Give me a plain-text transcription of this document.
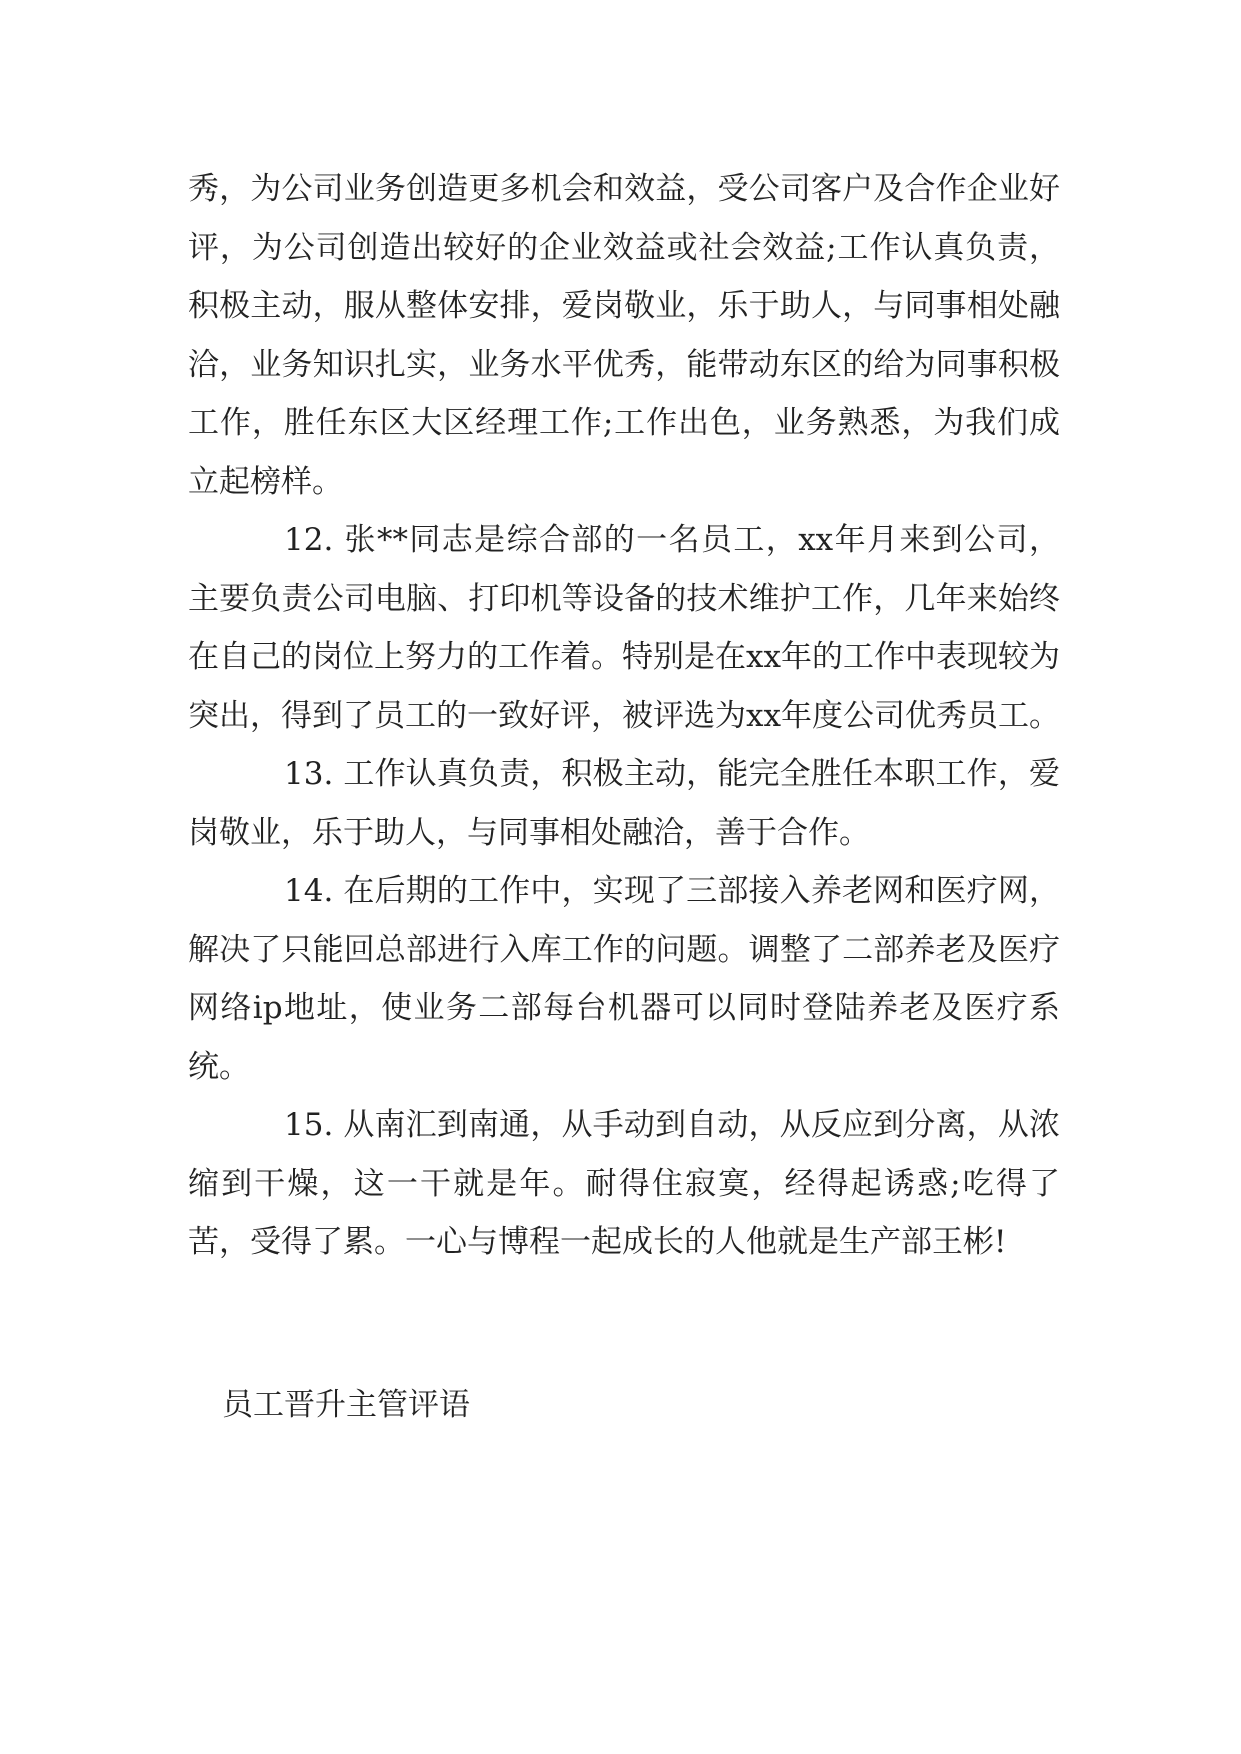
秀，为公司业务创造更多机会和效益，受公司客户及合作企业好评，为公司创造出较好的企业效益或社会效益;工作认真负责，积极主动，服从整体安排，爱岗敬业，乐于助人，与同事相处融洽，业务知识扎实，业务水平优秀，能带动东区的给为同事积极工作，胜任东区大区经理工作;工作出色，业务熟悉，为我们成立起榜样。

12. 张**同志是综合部的一名员工，xx年月来到公司，主要负责公司电脑、打印机等设备的技术维护工作，几年来始终在自己的岗位上努力的工作着。特别是在xx年的工作中表现较为突出，得到了员工的一致好评，被评选为xx年度公司优秀员工。

13. 工作认真负责，积极主动，能完全胜任本职工作，爱岗敬业，乐于助人，与同事相处融洽，善于合作。

14. 在后期的工作中，实现了三部接入养老网和医疗网，解决了只能回总部进行入库工作的问题。调整了二部养老及医疗网络ip地址，使业务二部每台机器可以同时登陆养老及医疗系统。

15. 从南汇到南通，从手动到自动，从反应到分离，从浓缩到干燥，这一干就是年。耐得住寂寞，经得起诱惑;吃得了苦，受得了累。一心与博程一起成长的人他就是生产部王彬!

员工晋升主管评语
